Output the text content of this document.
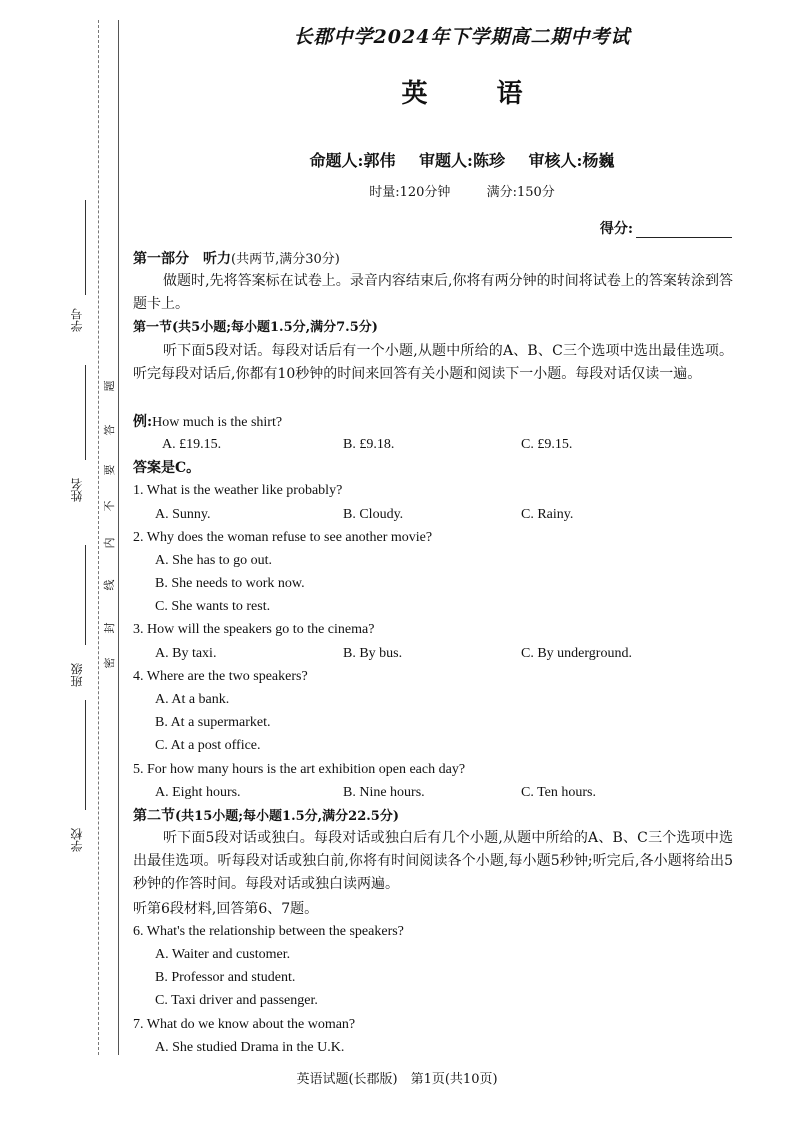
学号
姓名
班级
学校
密
封
线
内
不
要
答
题
长郡中学2024年下学期高二期中考试
英 语
命题人:郭伟 审题人:陈珍 审核人:杨巍
时量:120分钟	满分:150分
得分:
第一部分　听力(共两节,满分30分)
做题时,先将答案标在试卷上。录音内容结束后,你将有两分钟的时间将试卷上的答案转涂到答题卡上。
第一节(共5小题;每小题1.5分,满分7.5分)
听下面5段对话。每段对话后有一个小题,从题中所给的A、B、C三个选项中选出最佳选项。听完每段对话后,你都有10秒钟的时间来回答有关小题和阅读下一小题。每段对话仅读一遍。
例:How much is the shirt?
A. £19.15.	B. £9.18.	C. £9.15.
答案是C。
1. What is the weather like probably?
A. Sunny.	B. Cloudy.	C. Rainy.
2. Why does the woman refuse to see another movie?
A. She has to go out.
B. She needs to work now.
C. She wants to rest.
3. How will the speakers go to the cinema?
A. By taxi.	B. By bus.	C. By underground.
4. Where are the two speakers?
A. At a bank.
B. At a supermarket.
C. At a post office.
5. For how many hours is the art exhibition open each day?
A. Eight hours.	B. Nine hours.	C. Ten hours.
第二节(共15小题;每小题1.5分,满分22.5分)
听下面5段对话或独白。每段对话或独白后有几个小题,从题中所给的A、B、C三个选项中选出最佳选项。听每段对话或独白前,你将有时间阅读各个小题,每小题5秒钟;听完后,各小题将给出5秒钟的作答时间。每段对话或独白读两遍。
听第6段材料,回答第6、7题。
6. What's the relationship between the speakers?
A. Waiter and customer.
B. Professor and student.
C. Taxi driver and passenger.
7. What do we know about the woman?
A. She studied Drama in the U.K.
英语试题(长郡版)　第1页(共10页)
